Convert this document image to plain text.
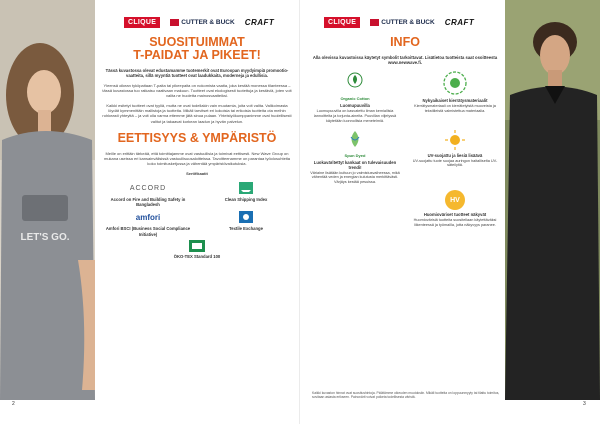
LET'S GO.
CLIQUE	CUTTER & BUCK CRAFT
SUOSITUIMMAT
T-PAIDAT JA PIKEET!

Tässä kuvastossa olevat edustamamme tuotemerkit ovat Euroopan myydyimpiä promootio-vaatteita, sillä myyntiä tuotteet ovat laadukkaita, moderneja ja edullisia.

Yleensä oikean tyköpaitaan T-paita tai pikeepaita on nokomista vaatia, joka kestää monessa tilanteessa – tässä kuvastossa tuo ratkaisu vaativaan makuun. Tuotteet ovat ekologisesti tuotettuja ja kestäviä, joten voit valita ne huoletta mainosvaatteiksi.

Kaikki esitetyt tuotteet ovat tyyliä, mutta ne ovat todellakin vain muutamia, joita voit valita. Valikoimasta löydät kymmenittäin mallistoja ja tuotteita. Mikäli tarvitset eri kokoisia tai erikoisia tuotteita ota meihin rohkeasti yhteyttä – ja voit olla varma ettemme jätä sinua pulaan. Yhteistyökumppanimme ovat huolellisesti valitut ja takaavat korkean laadun ja hyvän palvelun.

EETTISYYS & YMPÄRISTÖ

Meille on erittäin tärkeää, että toimittajamme ovat vastuullisia ja toimivat eettisesti. New Wave Group on mukana useissa eri kansainvälisissä vastuullisuusaloitteissa. Tavoitteenamme on parantaa työolosuhteita koko toimitusketjussa ja vähentää ympäristövaikutuksia.

Sertifikaatit

ACCORD
Accord on Fire and Building Safety in Bangladesh
Clean Shipping Index
amfori
Amfori BSCI (Business Social Compliance Initiative)
Textile Exchange
ÖKO-TEX Standard 100
2
CLIQUE	CUTTER & BUCK CRAFT
INFO

Alla olevissa kuvastoissa käytetyt symbolit tarkoittavat. Lisätietoa tuotteista saat osoitteesta www.newwave.fi.

Organic Cotton
Luomupuuvilla
Luomupuuvilla on kasvatettu ilman kemiallisia lannoitteita ja torjunta-aineita. Puuvillan viljelyssä käytetään luonnollisia menetelmiä.
Nykyaikaiset kierrätysmateriaalit
Kierrätysmateriaali on kierrätetyistä muoveista ja tekstiileistä valmistettua materiaalia.
Spun Dyed
Luokaväritettyt kankaat on tulevaisuuden trendi!
Väriaine lisätään kuituun jo valmistusvaiheessa, mikä vähentää veden ja energian kulutusta merkittävästi. Värjäys kestää pesuissa.
UV-suojattu ja liesiä lisäävä
UV-suojattu tuote suojaa auringon haitalliselta UV-säteilyltä.
HV
Huomioväriset tuotteet näkyvät
Huomiovärisiä tuotteita suositellaan käytettäväksi liikenteessä ja työmailla, jotta näkyvyys paranee.
3
Kaikki kuvaston hinnat ovat suositushintoja. Pidätämme oikeuden muutoksiin. Mikäli tuotteita on loppuunmyyty tai tilattu toimitus, sovitaan asiasta erikseen. Painovärit voivat poiketa todellisesta väristä.
